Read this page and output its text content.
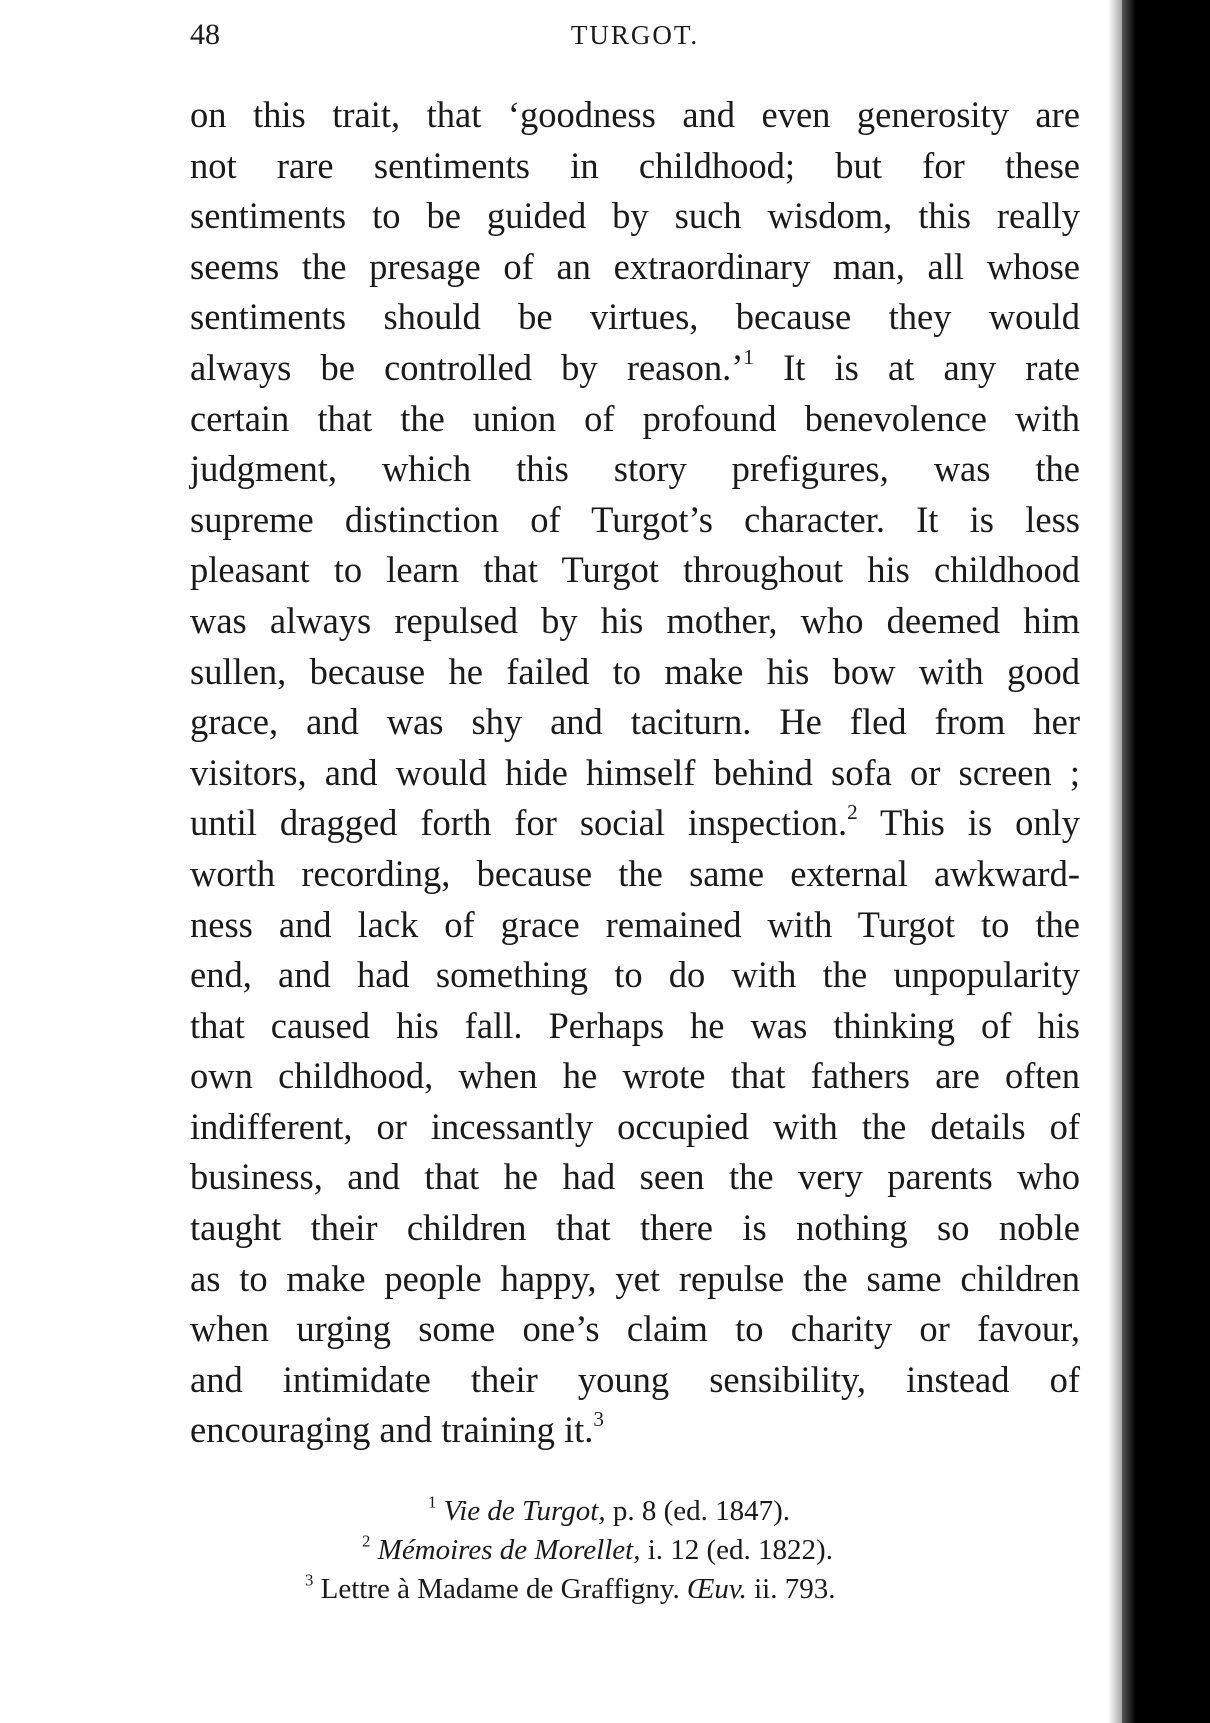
48	TURGOT.
on this trait, that ‘goodness and even generosity are
not rare sentiments in childhood; but for these
sentiments to be guided by such wisdom, this really
seems the presage of an extraordinary man, all whose
sentiments should be virtues, because they would
always be controlled by reason.’$^1$ It is at any rate
certain that the union of profound benevolence with
judgment, which this story prefigures, was the
supreme distinction of Turgot’s character. It is less
pleasant to learn that Turgot throughout his childhood
was always repulsed by his mother, who deemed him
sullen, because he failed to make his bow with good
grace, and was shy and taciturn. He fled from her
visitors, and would hide himself behind sofa or screen ;
until dragged forth for social inspection.$^2$ This is only
worth recording, because the same external awkward-
ness and lack of grace remained with Turgot to the
end, and had something to do with the unpopularity
that caused his fall. Perhaps he was thinking of his
own childhood, when he wrote that fathers are often
indifferent, or incessantly occupied with the details of
business, and that he had seen the very parents who
taught their children that there is nothing so noble
as to make people happy, yet repulse the same children
when urging some one’s claim to charity or favour,
and intimidate their young sensibility, instead of
encouraging and training it.$^3$
$^1$ Vie de Turgot, p. 8 (ed. 1847).
$^2$ Mémoires de Morellet, i. 12 (ed. 1822).
$^3$ Lettre à Madame de Graffigny. Œuv. ii. 793.
